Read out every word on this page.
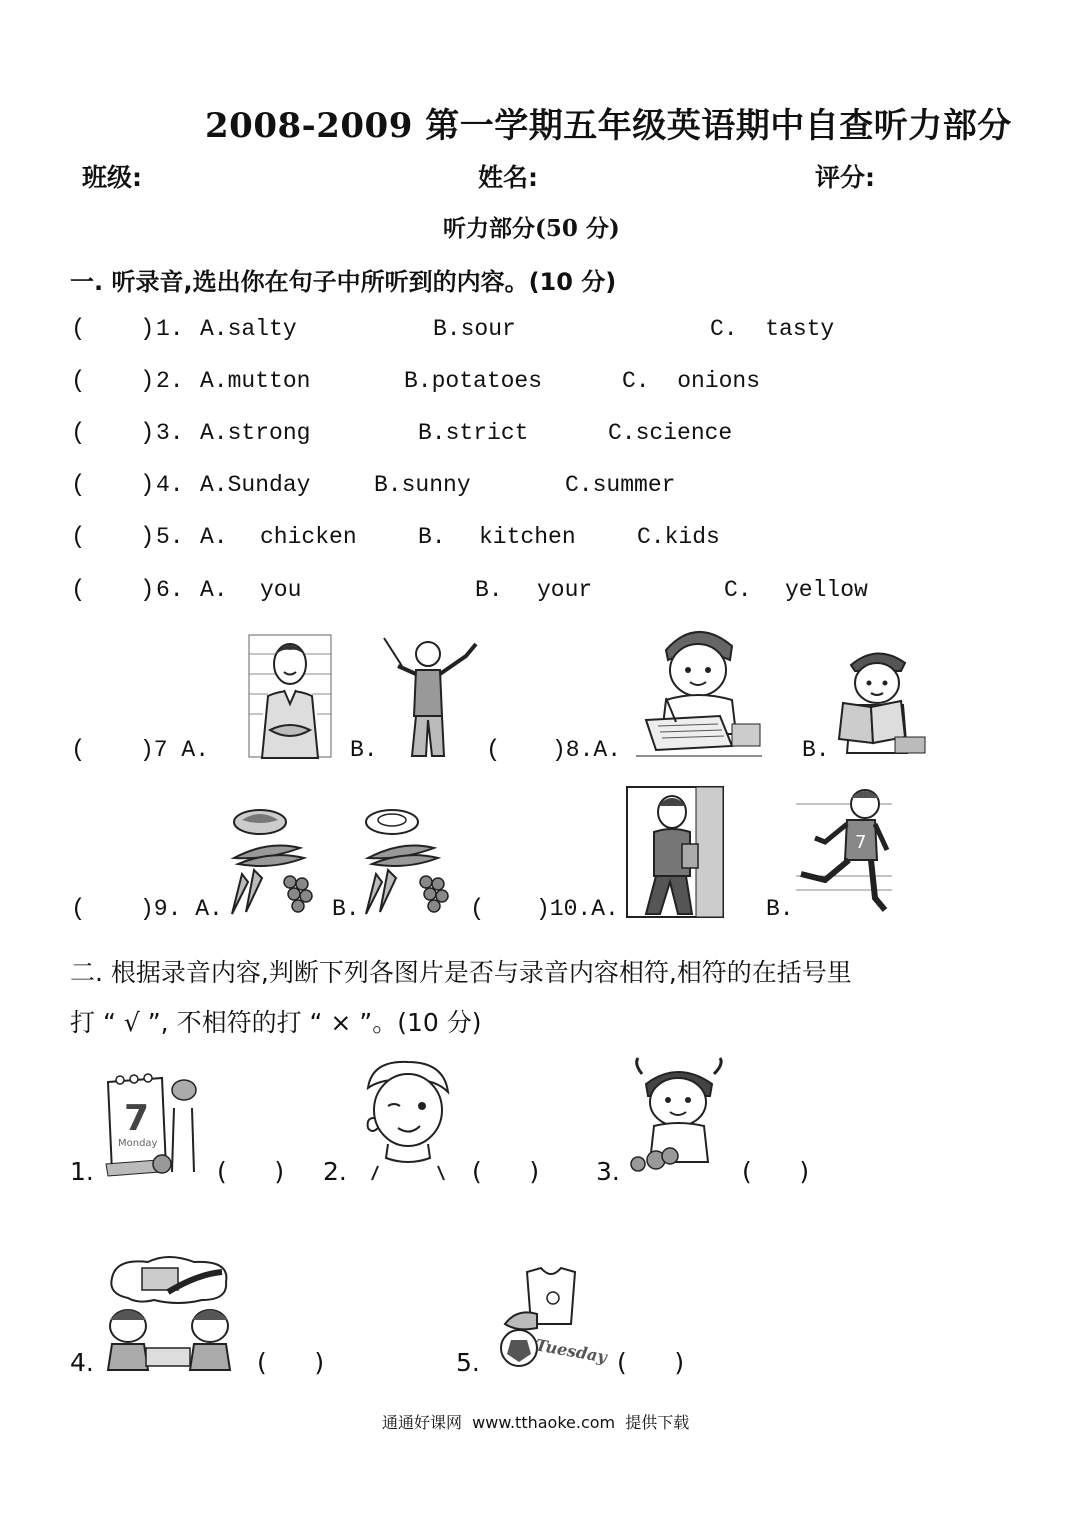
2008-2009 第一学期五年级英语期中自查听力部分
班级:	姓名:	评分:
听力部分(50 分)
一. 听录音,选出你在句子中所听到的内容。(10 分)
( ) 1. A.salty	B.sour	C.  tasty
( ) 2. A.mutton	B.potatoes	C.  onions
( ) 3. A.strong	B.strict	C.science
( ) 4. A.Sunday	B.sunny	C.summer
( ) 5. A. chicken	B. kitchen	C.kids
( ) 6. A. you	B. your	C. yellow
( )7 A.	B.	( )8.A.	B.
( )9. A.	B.	( )10.A.	B.
7
二. 根据录音内容,判断下列各图片是否与录音内容相符,相符的在括号里
打 “ √ ”, 不相符的打 “ × ”。(10 分)
1.
7
Monday
(      ) 2.	(      ) 3.	(      )
4.	(      )	5.	Tuesday (      )
通通好课网  www.tthaoke.com  提供下载
